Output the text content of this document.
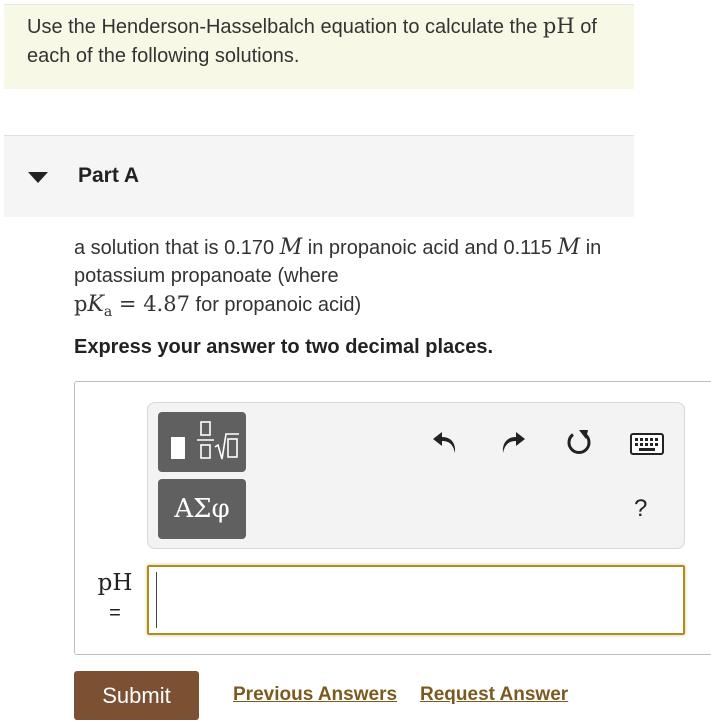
Use the Henderson-Hasselbalch equation to calculate the pH of each of the following solutions.
Part A
a solution that is 0.170 M in propanoic acid and 0.115 M in potassium propanoate (where
$pK_a = 4.87$ for propanoic acid)
Express your answer to two decimal places.
ΑΣφ	?
pH
=
Submit	Previous Answers Request Answer
